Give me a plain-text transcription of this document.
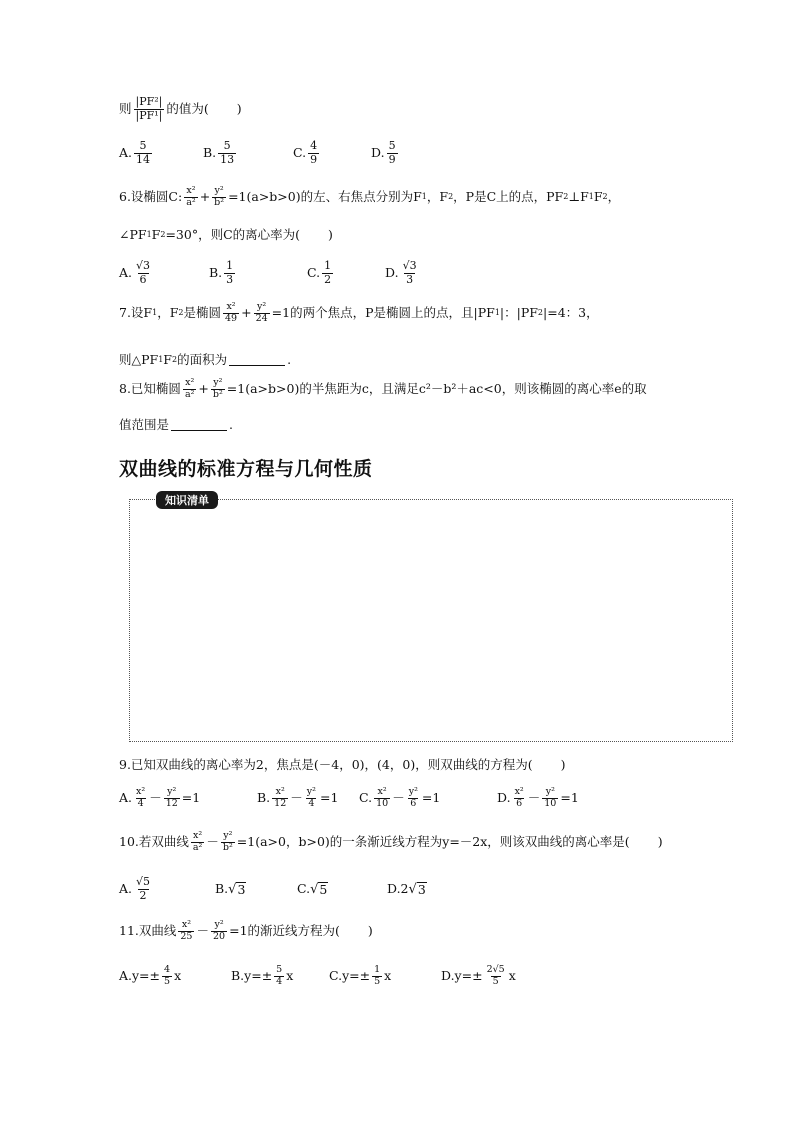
则 $\frac{\text{|PF²|}}{\text{|PF¹|}}$ 的值为( )
A. $\frac{5}{14}$	B. $\frac{5}{13}$	C. $\frac{4}{9}$	D. $\frac{5}{9}$
6.设椭圆C: $\frac{\text{x²}}{\text{a²}} + \frac{\text{y²}}{\text{b²}} =1(a>b>0)$的左、右焦点分别为F 1 ，F 2 ，P是C上的点，PF 2 ⊥F 1 F 2 ，
∠PF 1 F 2 =30°，则C的离心率为( )
A. $\frac{√3}{6}$	B. $\frac{1}{3}$	C. $\frac{1}{2}$	D. $\frac{√3}{3}$
7.设F 1 ，F 2 是椭圆 $\frac{\text{x²}}{49} + \frac{\text{y²}}{24} =1$的两个焦点，P是椭圆上的点，且|PF 1 |：|PF 2 |=4：3，
则△PF 1 F 2 的面积为	.
8.已知椭圆 $\frac{\text{x²}}{\text{a²}} + \frac{\text{y²}}{\text{b²}} =1(a>b>0)$的半焦距为c，且满足c²－b²＋ac<0，则该椭圆的离心率e的取
值范围是	.
双曲线的标准方程与几何性质
知识清单
9.已知双曲线的离心率为2，焦点是(－4，0)，(4，0)，则双曲线的方程为( )
A. $\frac{\text{x²}}{4} - \frac{\text{y²}}{12} =1$	B. $\frac{\text{x²}}{12} - \frac{\text{y²}}{4} =1$ C. $\frac{\text{x²}}{10} - \frac{\text{y²}}{6} =1$	D. $\frac{\text{x²}}{6} - \frac{\text{y²}}{10} =1$
10.若双曲线 $\frac{\text{x²}}{\text{a²}} - \frac{\text{y²}}{\text{b²}} =1(a>0$，b>0)的一条渐近线方程为y=－2x，则该双曲线的离心率是( )
A. $\frac{√5}{2}$	B. √ 3	C. √ 5	D.2 √ 3
11.双曲线 $\frac{\text{x²}}{25} - \frac{\text{y²}}{20} =1$的渐近线方程为( )
$A.y=\pm \frac{4}{5}$ x	$B.y=\pm \frac{5}{4}$ x	$C.y=\pm \frac{1}{5}$ x	$D.y=\pm \frac{2√5}{5}$ x
